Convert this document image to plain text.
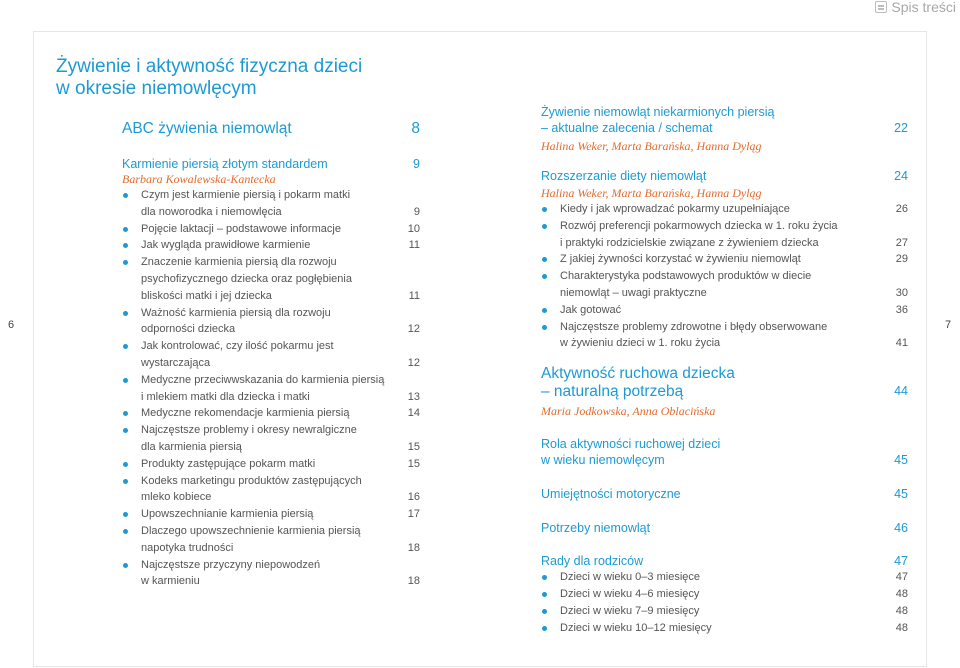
Spis treści
6	7
Żywienie i aktywność fizyczna dzieci
w okresie niemowlęcym
ABC żywienia niemowląt	8
Karmienie piersią złotym standardem	9
Barbara Kowalewska-Kantecka
Czym jest karmienie piersią i pokarm matki
dla noworodka i niemowlęcia	9
Pojęcie laktacji – podstawowe informacje	10
Jak wygląda prawidłowe karmienie	11
Znaczenie karmienia piersią dla rozwoju
psychofizycznego dziecka oraz pogłębienia
bliskości matki i jej dziecka	11
Ważność karmienia piersią dla rozwoju
odporności dziecka	12
Jak kontrolować, czy ilość pokarmu jest
wystarczająca	12
Medyczne przeciwwskazania do karmienia piersią
i mlekiem matki dla dziecka i matki	13
Medyczne rekomendacje karmienia piersią	14
Najczęstsze problemy i okresy newralgiczne
dla karmienia piersią	15
Produkty zastępujące pokarm matki	15
Kodeks marketingu produktów zastępujących
mleko kobiece	16
Upowszechnianie karmienia piersią	17
Dlaczego upowszechnienie karmienia piersią
napotyka trudności	18
Najczęstsze przyczyny niepowodzeń
w karmieniu	18
Żywienie niemowląt niekarmionych piersią
– aktualne zalecenia / schemat	22
Halina Weker, Marta Barańska, Hanna Dyląg
Rozszerzanie diety niemowląt	24
Halina Weker, Marta Barańska, Hanna Dyląg
Kiedy i jak wprowadzać pokarmy uzupełniające	26
Rozwój preferencji pokarmowych dziecka w 1. roku życia
i praktyki rodzicielskie związane z żywieniem dziecka	27
Z jakiej żywności korzystać w żywieniu niemowląt	29
Charakterystyka podstawowych produktów w diecie
niemowląt – uwagi praktyczne	30
Jak gotować	36
Najczęstsze problemy zdrowotne i błędy obserwowane
w żywieniu dzieci w 1. roku życia	41
Aktywność ruchowa dziecka
– naturalną potrzebą	44
Maria Jodkowska, Anna Oblacińska
Rola aktywności ruchowej dzieci
w wieku niemowlęcym	45
Umiejętności motoryczne	45
Potrzeby niemowląt	46
Rady dla rodziców	47
Dzieci w wieku 0–3 miesięce	47
Dzieci w wieku 4–6 miesięcy	48
Dzieci w wieku 7–9 miesięcy	48
Dzieci w wieku 10–12 miesięcy	48
